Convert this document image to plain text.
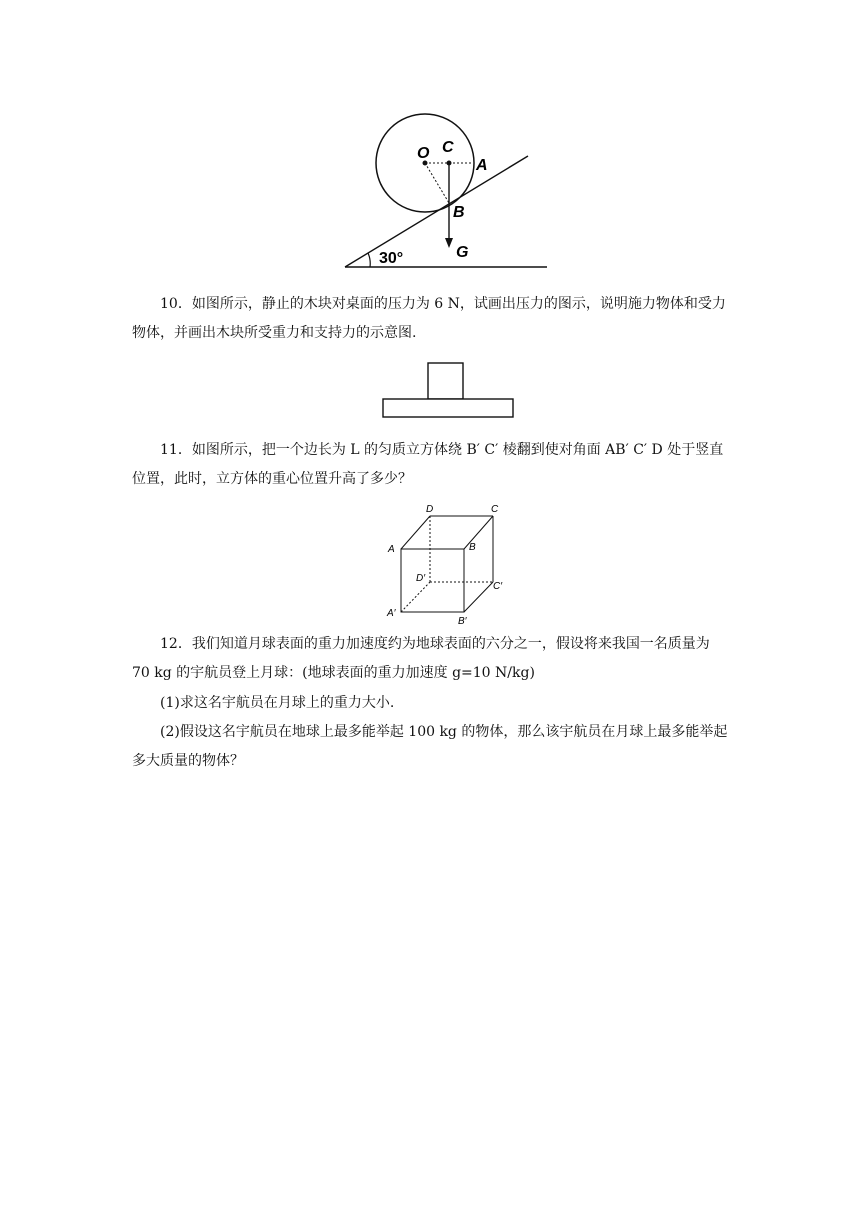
O C
A
B
G
30°

10．如图所示，静止的木块对桌面的压力为 6 N，试画出压力的图示，说明施力物体和受力物体，并画出木块所受重力和支持力的示意图.

11．如图所示，把一个边长为 L 的匀质立方体绕 B′ C′ 棱翻到使对角面 AB′ C′ D 处于竖直位置，此时，立方体的重心位置升高了多少？

D	C
A	B
D′
C′
A′
B′

12．我们知道月球表面的重力加速度约为地球表面的六分之一，假设将来我国一名质量为 70 kg 的宇航员登上月球：(地球表面的重力加速度 g=10 N/kg)

(1)求这名宇航员在月球上的重力大小.

(2)假设这名宇航员在地球上最多能举起 100 kg 的物体，那么该宇航员在月球上最多能举起多大质量的物体？
